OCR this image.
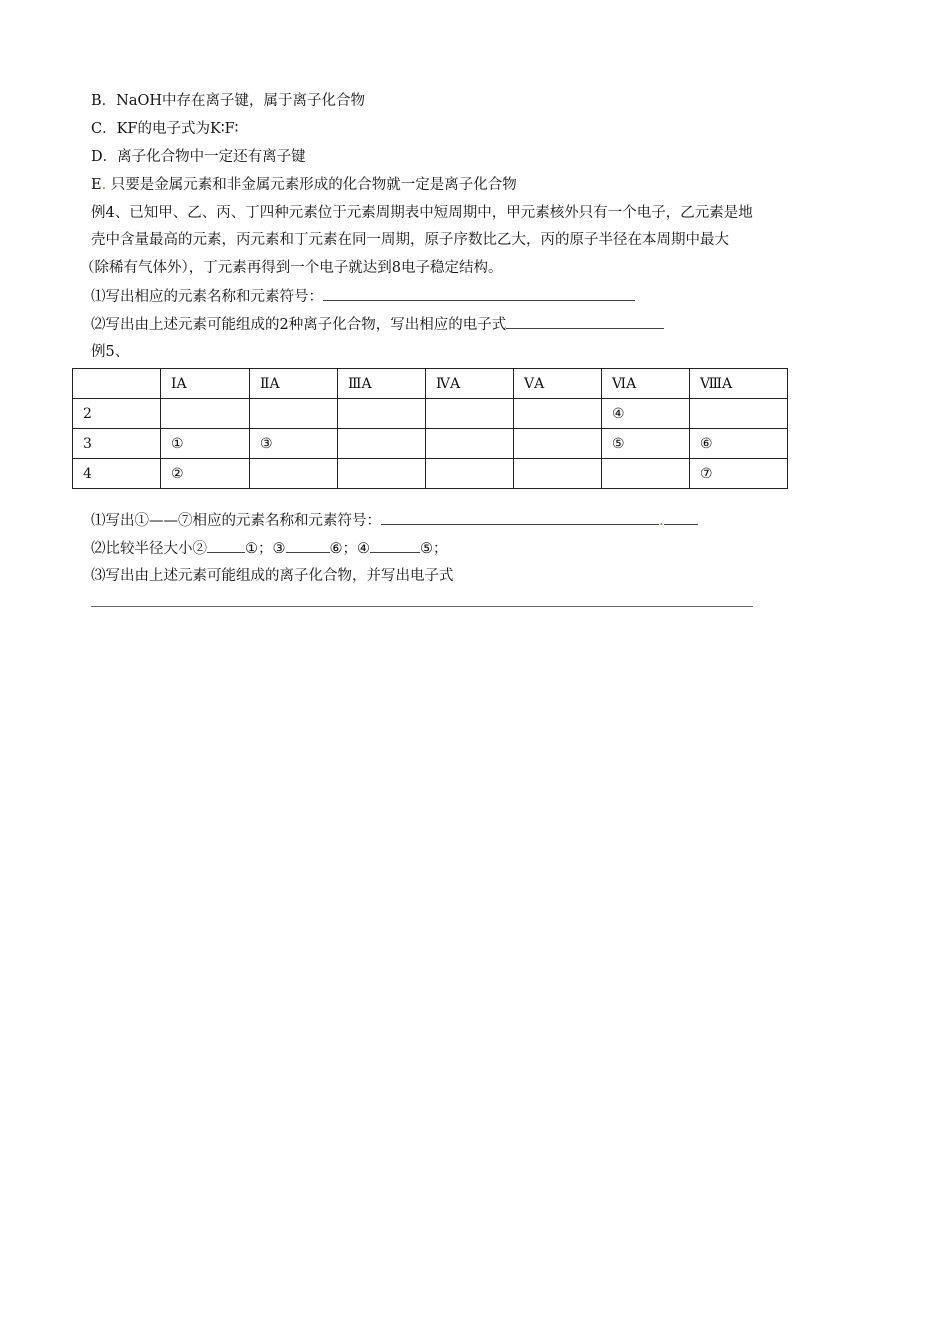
B．NaOH中存在离子键，属于离子化合物
C．KF的电子式为K∶F∶
D．离子化合物中一定还有离子键
E. 只要是金属元素和非金属元素形成的化合物就一定是离子化合物
例4、已知甲、乙、丙、丁四种元素位于元素周期表中短周期中，甲元素核外只有一个电子，乙元素是地
壳中含量最高的元素，丙元素和丁元素在同一周期，原子序数比乙大，丙的原子半径在本周期中最大
（除稀有气体外），丁元素再得到一个电子就达到8电子稳定结构。
⑴写出相应的元素名称和元素符号：
⑵写出由上述元素可能组成的2种离子化合物，写出相应的电子式
例5、
	ⅠA	ⅡA	ⅢA	ⅣA	ⅤA	ⅥA	ⅧA
2						④	
3	①	③				⑤	⑥
4	②						⑦
⑴写出①——⑦相应的元素名称和元素符号：	.
⑵比较半径大小②	①；③	⑥；④	⑤；
⑶写出由上述元素可能组成的离子化合物，并写出电子式
